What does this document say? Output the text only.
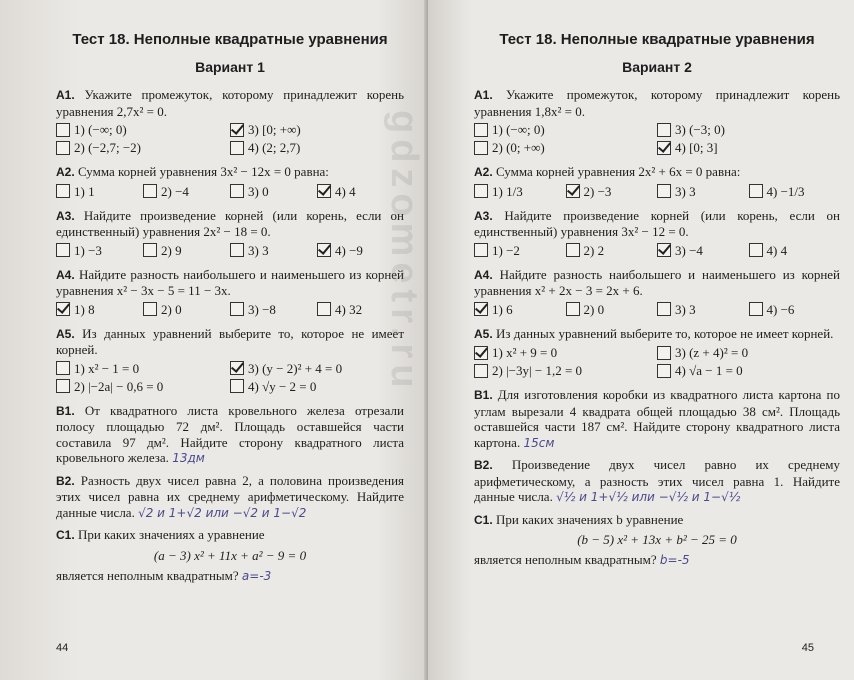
Тест 18. Неполные квадратные уравнения
Вариант 1

А1. Укажите промежуток, которому принадлежит корень уравнения 2,7x² = 0.

1) (−∞; 0)	3) [0; +∞)
2) (−2,7; −2)	4) (2; 2,7)

А2. Сумма корней уравнения 3x² − 12x = 0 равна:

1) 1	2) −4	3) 0	4) 4

А3. Найдите произведение корней (или корень, если он единственный) уравнения 2x² − 18 = 0.

1) −3	2) 9	3) 3	4) −9

А4. Найдите разность наибольшего и наименьшего из корней уравнения x² − 3x − 5 = 11 − 3x.

1) 8	2) 0	3) −8	4) 32

А5. Из данных уравнений выберите то, которое не имеет корней.

1) x² − 1 = 0	3) (y − 2)² + 4 = 0
2) |−2a| − 0,6 = 0	4) √y − 2 = 0

В1. От квадратного листа кровельного железа отрезали полосу площадью 72 дм². Площадь оставшейся части составила 97 дм². Найдите сторону квадратного листа кровельного железа. 13дм

В2. Разность двух чисел равна 2, а половина произведения этих чисел равна их среднему арифметическому. Найдите данные числа. √2 и 1+√2 или −√2 и 1−√2

С1. При каких значениях a уравнение

(a − 3) x² + 11x + a² − 9 = 0

является неполным квадратным? a=-3

44
Тест 18. Неполные квадратные уравнения
Вариант 2

А1. Укажите промежуток, которому принадлежит корень уравнения 1,8x² = 0.

1) (−∞; 0)	3) (−3; 0)
2) (0; +∞)	4) [0; 3]

А2. Сумма корней уравнения 2x² + 6x = 0 равна:

1) 1/3	2) −3	3) 3	4) −1/3

А3. Найдите произведение корней (или корень, если он единственный) уравнения 3x² − 12 = 0.

1) −2	2) 2	3) −4	4) 4

А4. Найдите разность наибольшего и наименьшего из корней уравнения x² + 2x − 3 = 2x + 6.

1) 6	2) 0	3) 3	4) −6

А5. Из данных уравнений выберите то, которое не имеет корней.

1) x² + 9 = 0	3) (z + 4)² = 0
2) |−3y| − 1,2 = 0	4) √a − 1 = 0

В1. Для изготовления коробки из квадратного листа картона по углам вырезали 4 квадрата общей площадью 38 см². Площадь оставшейся части 187 см². Найдите сторону квадратного листа картона. 15см

В2. Произведение двух чисел равно их среднему арифметическому, а разность этих чисел равна 1. Найдите данные числа. √½ и 1+√½ или −√½ и 1−√½

С1. При каких значениях b уравнение

(b − 5) x² + 13x + b² − 25 = 0

является неполным квадратным? b=-5

45
gdzometr.ru
